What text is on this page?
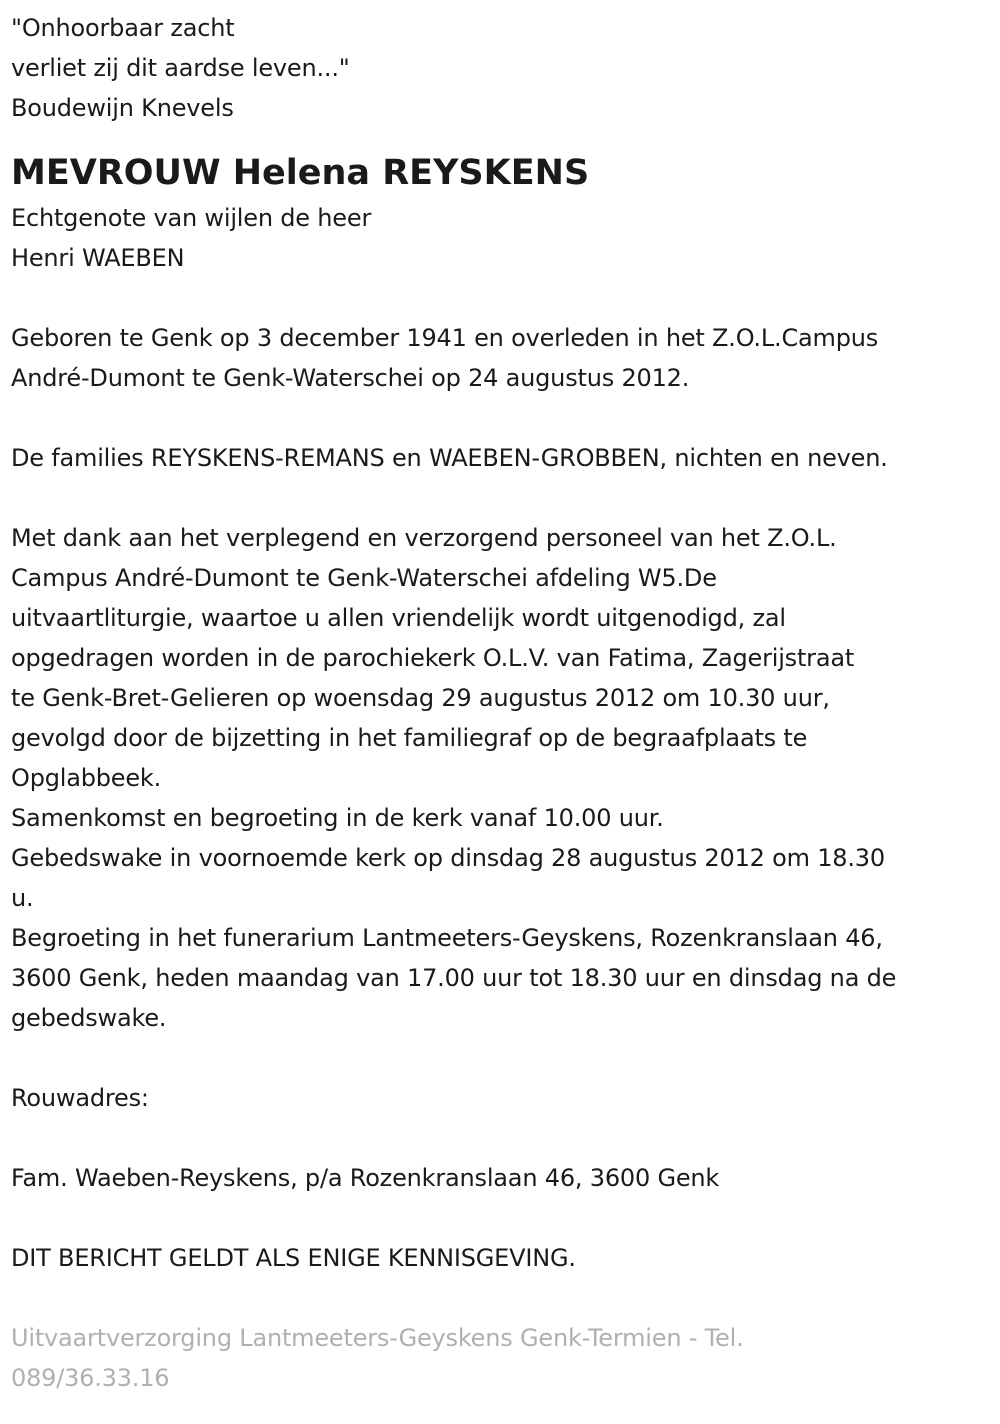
"Onhoorbaar zacht
verliet zij dit aardse leven..."
Boudewijn Knevels
MEVROUW Helena REYSKENS
Echtgenote van wijlen de heer
Henri WAEBEN
Geboren te Genk op 3 december 1941 en overleden in het Z.O.L.Campus
André-Dumont te Genk-Waterschei op 24 augustus 2012.
De families REYSKENS-REMANS en WAEBEN-GROBBEN, nichten en neven.
Met dank aan het verplegend en verzorgend personeel van het Z.O.L.
Campus André-Dumont te Genk-Waterschei afdeling W5.De
uitvaartliturgie, waartoe u allen vriendelijk wordt uitgenodigd, zal
opgedragen worden in de parochiekerk O.L.V. van Fatima, Zagerijstraat
te Genk-Bret-Gelieren op woensdag 29 augustus 2012 om 10.30 uur,
gevolgd door de bijzetting in het familiegraf op de begraafplaats te
Opglabbeek.
Samenkomst en begroeting in de kerk vanaf 10.00 uur.
Gebedswake in voornoemde kerk op dinsdag 28 augustus 2012 om 18.30
u.
Begroeting in het funerarium Lantmeeters-Geyskens, Rozenkranslaan 46,
3600 Genk, heden maandag van 17.00 uur tot 18.30 uur en dinsdag na de
gebedswake.
Rouwadres:
Fam. Waeben-Reyskens, p/a Rozenkranslaan 46, 3600 Genk
DIT BERICHT GELDT ALS ENIGE KENNISGEVING.
Uitvaartverzorging Lantmeeters-Geyskens Genk-Termien - Tel.
089/36.33.16
